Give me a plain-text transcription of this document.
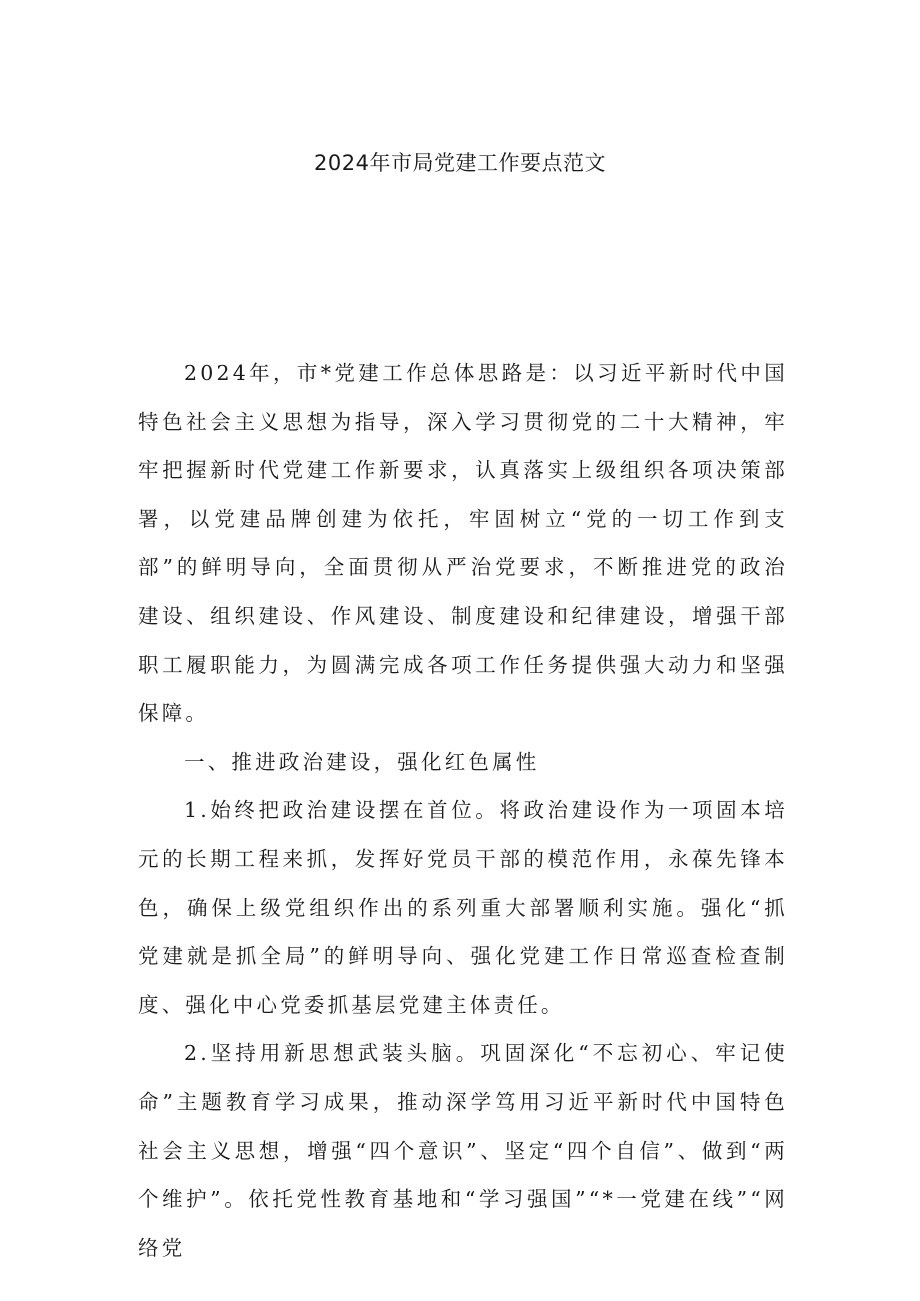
2024年市局党建工作要点范文

2024年，市*党建工作总体思路是：以习近平新时代中国特色社会主义思想为指导，深入学习贯彻党的二十大精神，牢牢把握新时代党建工作新要求，认真落实上级组织各项决策部署，以党建品牌创建为依托，牢固树立“党的一切工作到支部”的鲜明导向，全面贯彻从严治党要求，不断推进党的政治建设、组织建设、作风建设、制度建设和纪律建设，增强干部职工履职能力，为圆满完成各项工作任务提供强大动力和坚强保障。

一、推进政治建设，强化红色属性

1.始终把政治建设摆在首位。将政治建设作为一项固本培元的长期工程来抓，发挥好党员干部的模范作用，永葆先锋本色，确保上级党组织作出的系列重大部署顺利实施。强化“抓党建就是抓全局”的鲜明导向、强化党建工作日常巡查检查制度、强化中心党委抓基层党建主体责任。

2.坚持用新思想武装头脑。巩固深化“不忘初心、牢记使命”主题教育学习成果，推动深学笃用习近平新时代中国特色社会主义思想，增强“四个意识”、坚定“四个自信”、做到“两个维护”。依托党性教育基地和“学习强国”“*一党建在线”“网络党
